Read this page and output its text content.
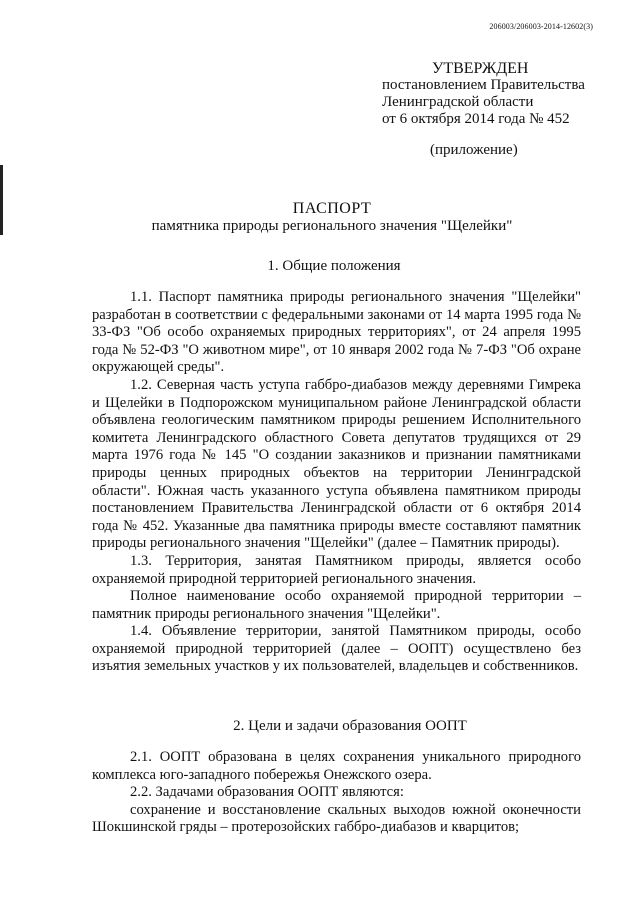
206003/206003-2014-12602(3)
УТВЕРЖДЕН
постановлением Правительства
Ленинградской области
от 6 октября 2014 года № 452
(приложение)
ПАСПОРТ
памятника природы регионального значения "Щелейки"
1. Общие положения

1.1. Паспорт памятника природы регионального значения "Щелейки" разработан в соответствии с федеральными законами от 14 марта 1995 года № 33-ФЗ "Об особо охраняемых природных территориях", от 24 апреля 1995 года № 52-ФЗ "О животном мире", от 10 января 2002 года № 7-ФЗ "Об охране окружающей среды".

1.2. Северная часть уступа габбро-диабазов между деревнями Гимрека и Щелейки в Подпорожском муниципальном районе Ленинградской области объявлена геологическим памятником природы решением Исполнительного комитета Ленинградского областного Совета депутатов трудящихся от 29 марта 1976 года № 145 "О создании заказников и признании памятниками природы ценных природных объектов на территории Ленинградской области". Южная часть указанного уступа объявлена памятником природы постановлением Правительства Ленинградской области от 6 октября 2014 года № 452. Указанные два памятника природы вместе составляют памятник природы регионального значения "Щелейки" (далее – Памятник природы).

1.3. Территория, занятая Памятником природы, является особо охраняемой природной территорией регионального значения.

Полное наименование особо охраняемой природной территории – памятник природы регионального значения "Щелейки".

1.4. Объявление территории, занятой Памятником природы, особо охраняемой природной территорией (далее – ООПТ) осуществлено без изъятия земельных участков у их пользователей, владельцев и собственников.

2. Цели и задачи образования ООПТ

2.1. ООПТ образована в целях сохранения уникального природного комплекса юго-западного побережья Онежского озера.

2.2. Задачами образования ООПТ являются:

сохранение и восстановление скальных выходов южной оконечности Шокшинской гряды – протерозойских габбро-диабазов и кварцитов;
